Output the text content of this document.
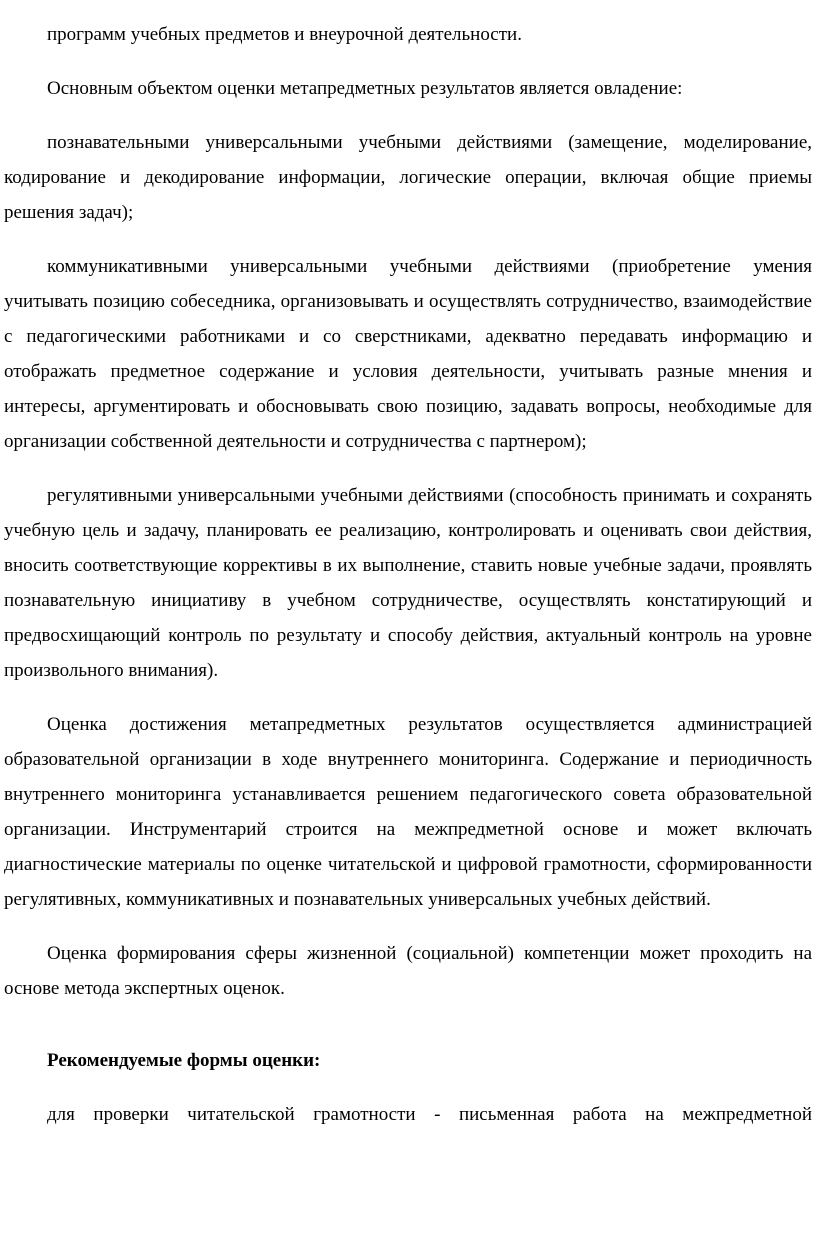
программ учебных предметов и внеурочной деятельности.

Основным объектом оценки метапредметных результатов является овладение:

познавательными универсальными учебными действиями (замещение, моделирование, кодирование и декодирование информации, логические операции, включая общие приемы решения задач);

коммуникативными универсальными учебными действиями (приобретение умения учитывать позицию собеседника, организовывать и осуществлять сотрудничество, взаимодействие с педагогическими работниками и со сверстниками, адекватно передавать информацию и отображать предметное содержание и условия деятельности, учитывать разные мнения и интересы, аргументировать и обосновывать свою позицию, задавать вопросы, необходимые для организации собственной деятельности и сотрудничества с партнером);

регулятивными универсальными учебными действиями (способность принимать и сохранять учебную цель и задачу, планировать ее реализацию, контролировать и оценивать свои действия, вносить соответствующие коррективы в их выполнение, ставить новые учебные задачи, проявлять познавательную инициативу в учебном сотрудничестве, осуществлять констатирующий и предвосхищающий контроль по результату и способу действия, актуальный контроль на уровне произвольного внимания).

Оценка достижения метапредметных результатов осуществляется администрацией образовательной организации в ходе внутреннего мониторинга. Содержание и периодичность внутреннего мониторинга устанавливается решением педагогического совета образовательной организации. Инструментарий строится на межпредметной основе и может включать диагностические материалы по оценке читательской и цифровой грамотности, сформированности регулятивных, коммуникативных и познавательных универсальных учебных действий.

Оценка формирования сферы жизненной (социальной) компетенции может проходить на основе метода экспертных оценок.

Рекомендуемые формы оценки:

для проверки читательской грамотности - письменная работа на межпредметной
